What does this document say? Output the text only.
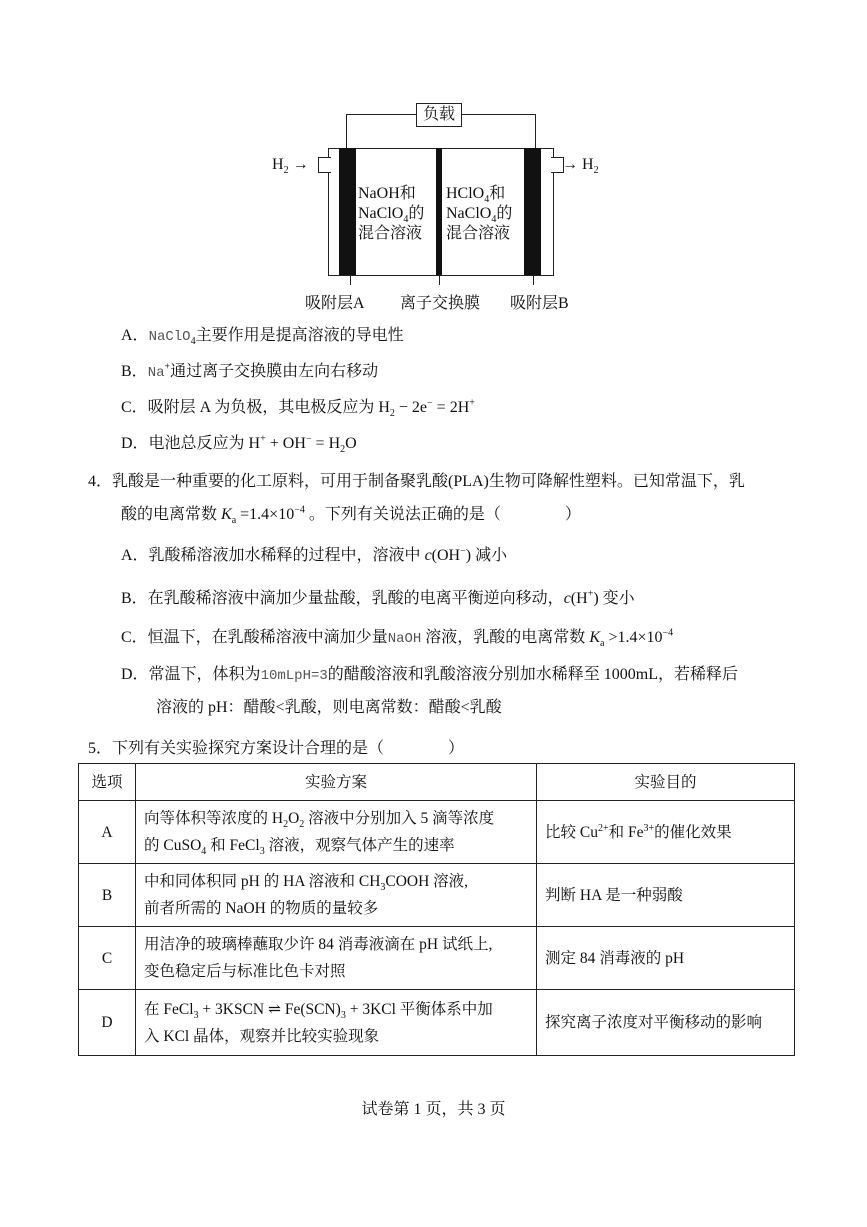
负载
$H_2$ →	→ $H_2$
NaOH和
NaClO$_4$的
混合溶液
HClO$_4$和
NaClO$_4$的
混合溶液
吸附层A 离子交换膜 吸附层B
A．NaClO$_4$主要作用是提高溶液的导电性
B．Na+通过离子交换膜由左向右移动
C．吸附层 A 为负极，其电极反应为 $H_2 - 2e^- = 2H^+$
D．电池总反应为 $H^+ + OH^- = H_2O$
4．乳酸是一种重要的化工原料，可用于制备聚乳酸(PLA)生物可降解性塑料。已知常温下，乳
酸的电离常数 $K_a =1.4\times 10^{-4}$ 。下列有关说法正确的是（　　　　）
A．乳酸稀溶液加水稀释的过程中，溶液中 c(OH−) 减小
B．在乳酸稀溶液中滴加少量盐酸，乳酸的电离平衡逆向移动，c(H+) 变小
C．恒温下，在乳酸稀溶液中滴加少量NaOH 溶液，乳酸的电离常数 $K_a >1.4\times 10^{-4}$
D．常温下，体积为10mLpH=3的醋酸溶液和乳酸溶液分别加水稀释至 1000mL，若稀释后
溶液的 pH：醋酸<乳酸，则电离常数：醋酸<乳酸
5．下列有关实验探究方案设计合理的是（　　　　）
选项	实验方案	实验目的
A	向等体积等浓度的 $H_2O_2$ 溶液中分别加入 5 滴等浓度
的 CuSO$_4$ 和 FeCl$_3$ 溶液，观察气体产生的速率	比较 $Cu^{2+}$和 $Fe^{3+}$的催化效果
B	中和同体积同 pH 的 HA 溶液和 $CH_3COOH$ 溶液,
前者所需的 NaOH 的物质的量较多	判断 HA 是一种弱酸
C	用洁净的玻璃棒蘸取少许 84 消毒液滴在 pH 试纸上,
变色稳定后与标准比色卡对照	测定 84 消毒液的 pH
D	在 FeCl$_3$ + 3KSCN ⇌ $Fe(SCN)_3 + 3KCl$ 平衡体系中加
入 KCl 晶体，观察并比较实验现象	探究离子浓度对平衡移动的影响
试卷第 1 页，共 3 页
